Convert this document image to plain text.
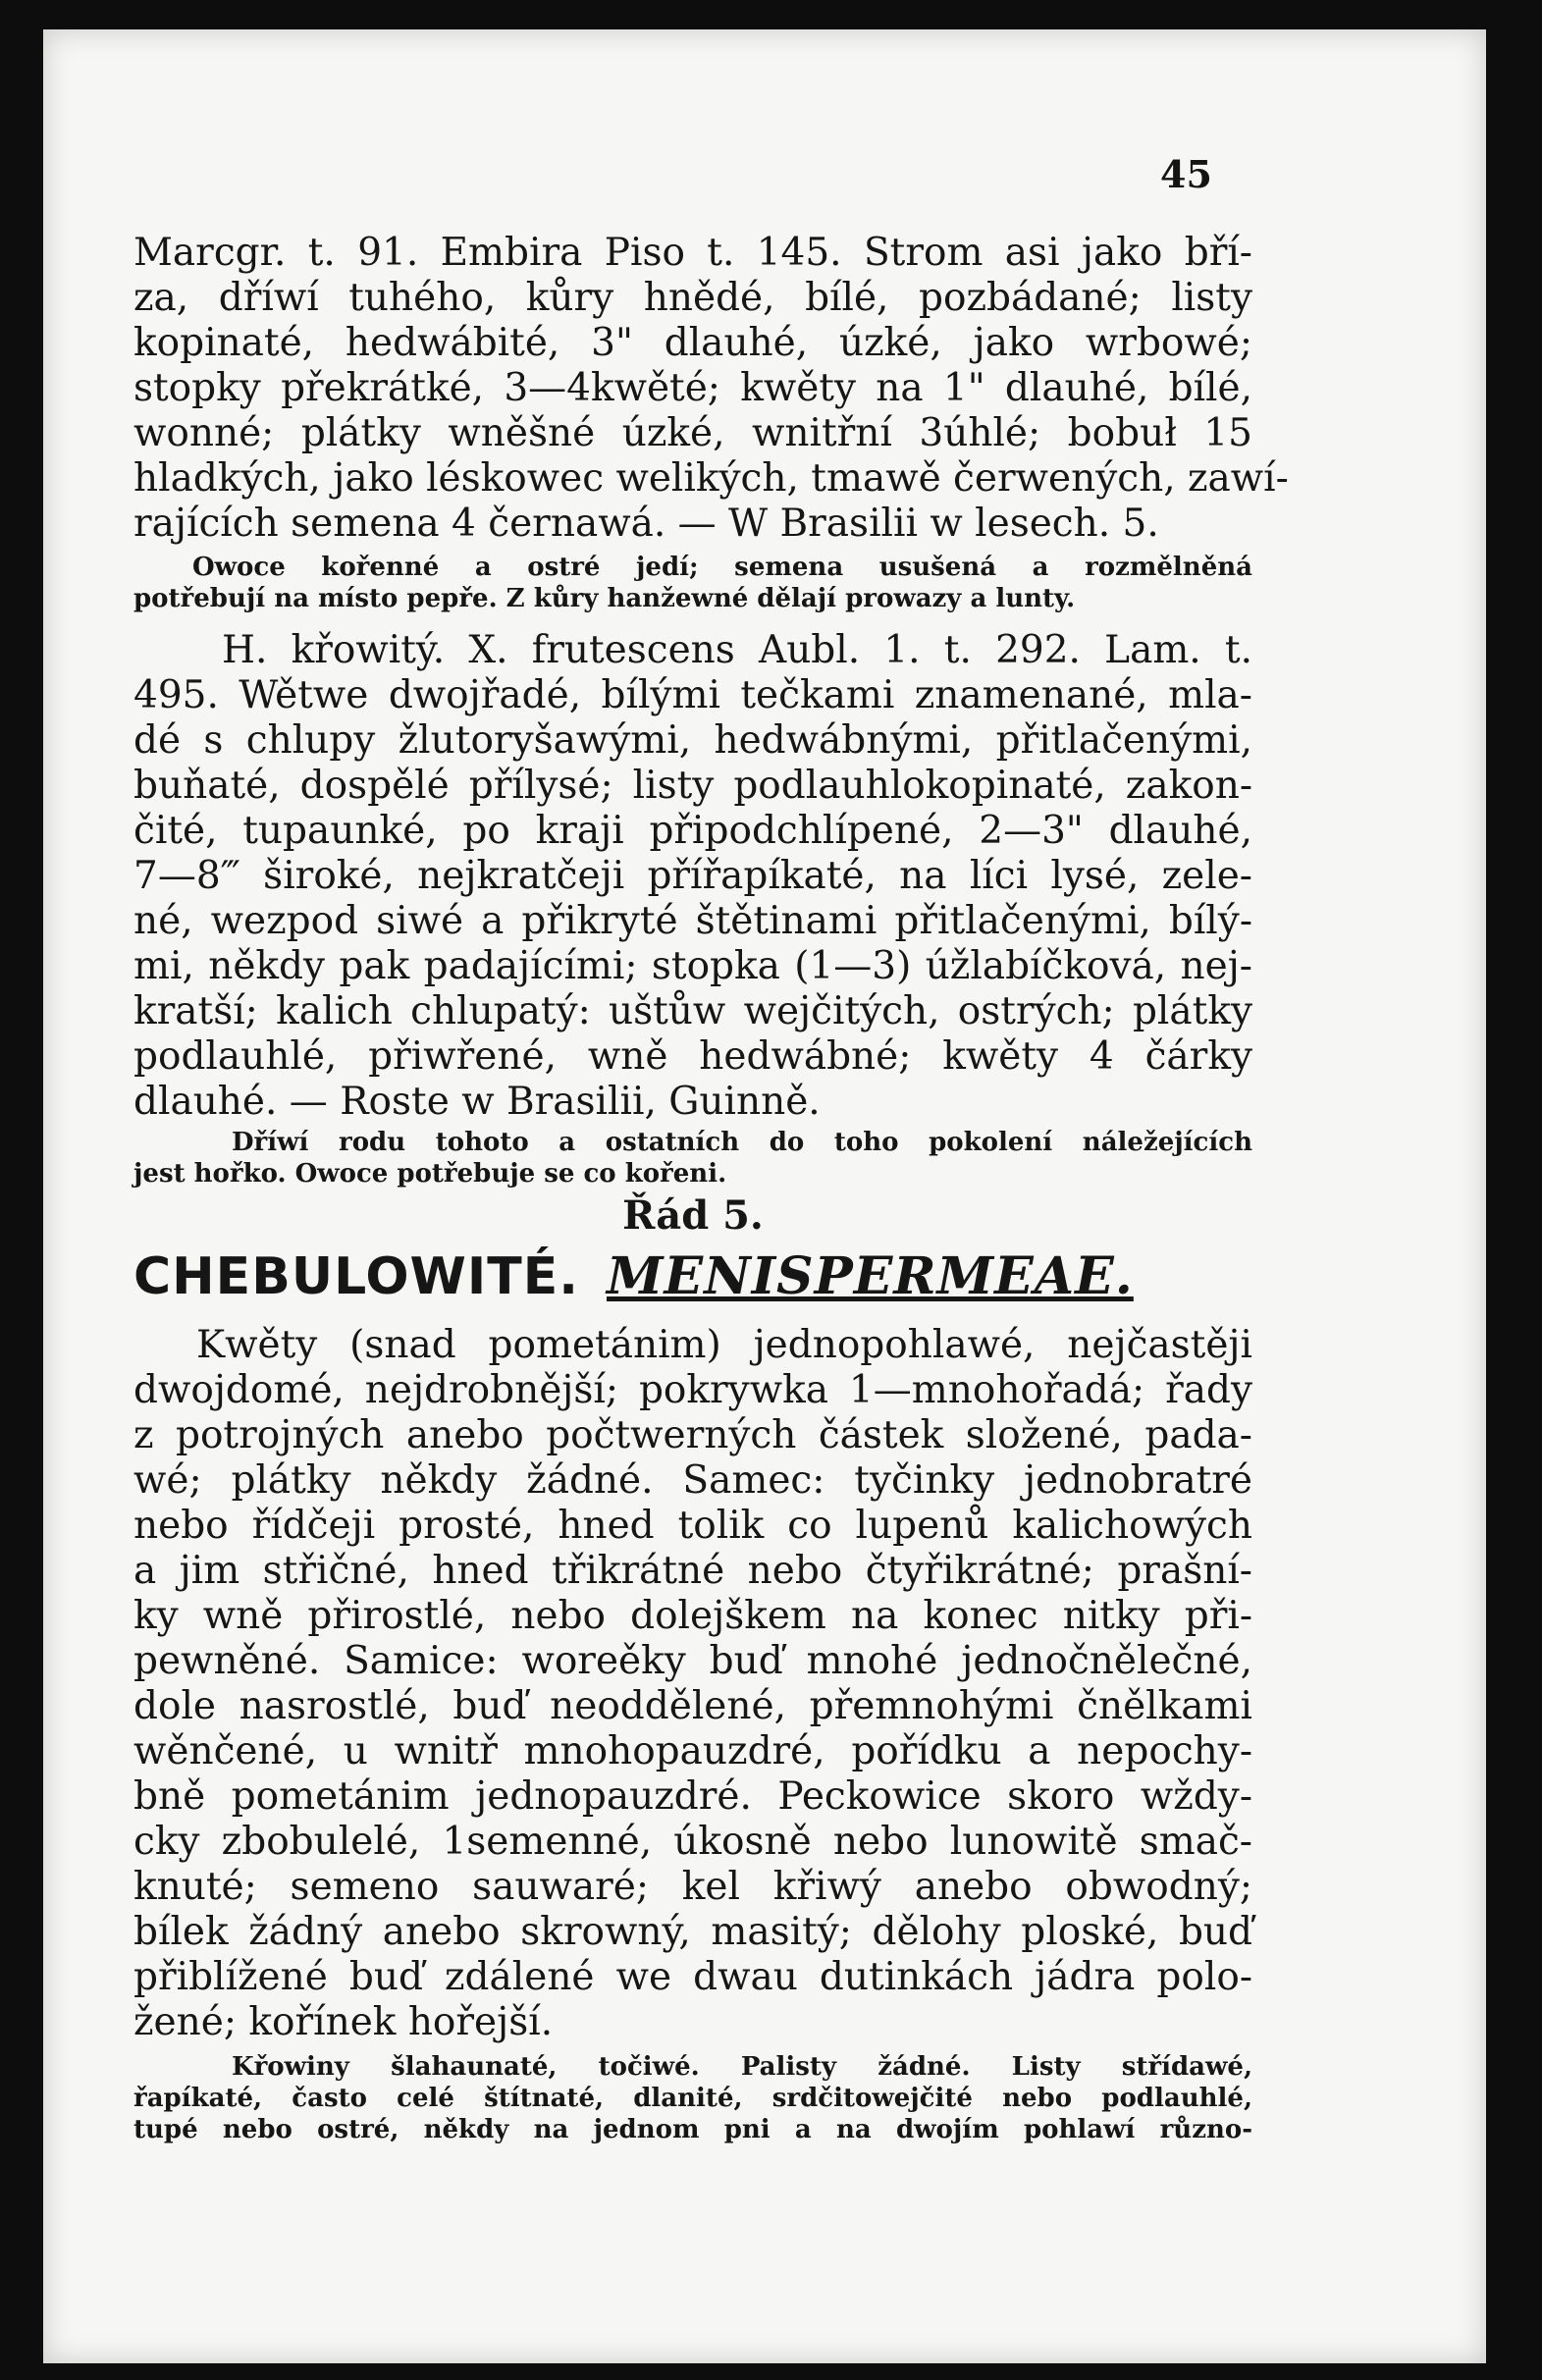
45
Marcgr. t. 91. Embira Piso t. 145. Strom asi jako bří-
za, dříwí tuhého, kůry hnědé, bílé, pozbádané; listy
kopinaté, hedwábité, 3" dlauhé, úzké, jako wrbowé;
stopky překrátké, 3—4kwěté; kwěty na 1" dlauhé, bílé,
wonné; plátky wněšné úzké, wnitřní 3úhlé; bobuł 15
hladkých, jako léskowec welikých, tmawě čerwených, zawí-
rajících semena 4 černawá. — W Brasilii w lesech. 5.
Owoce kořenné a ostré jedí; semena usušená a rozmělněná
potřebují na místo pepře. Z kůry hanžewné dělají prowazy a lunty.
H. křowitý. X. frutescens Aubl. 1. t. 292. Lam. t.
495. Wětwe dwojřadé, bílými tečkami znamenané, mla-
dé s chlupy žlutoryšawými, hedwábnými, přitlačenými,
buňaté, dospělé přílysé; listy podlauhlokopinaté, zakon-
čité, tupaunké, po kraji připodchlípené, 2—3" dlauhé,
7—8‴ široké, nejkratčeji přířapíkaté, na líci lysé, zele-
né, wezpod siwé a přikryté štětinami přitlačenými, bílý-
mi, někdy pak padajícími; stopka (1—3) úžlabíčková, nej-
kratší; kalich chlupatý: uštůw wejčitých, ostrých; plátky
podlauhlé, přiwřené, wně hedwábné; kwěty 4 čárky
dlauhé. — Roste w Brasilii, Guinně.
Dříwí rodu tohoto a ostatních do toho pokolení náležejících
jest hořko. Owoce potřebuje se co kořeni.
Řád 5.
CHEBULOWITÉ. MENISPERMEAE.
Kwěty (snad pometánim) jednopohlawé, nejčastěji
dwojdomé, nejdrobnější; pokrywka 1—mnohořadá; řady
z potrojných anebo počtwerných částek složené, pada-
wé; plátky někdy žádné. Samec: tyčinky jednobratré
nebo řídčeji prosté, hned tolik co lupenů kalichowých
a jim střičné, hned třikrátné nebo čtyřikrátné; prašní-
ky wně přirostlé, nebo dolejškem na konec nitky při-
pewněné. Samice: woreěky buď mnohé jednočnělečné,
dole nasrostlé, buď neoddělené, přemnohými čnělkami
wěnčené, u wnitř mnohopauzdré, pořídku a nepochy-
bně pometánim jednopauzdré. Peckowice skoro wždy-
cky zbobulelé, 1semenné, úkosně nebo lunowitě smač-
knuté; semeno sauwaré; kel křiwý anebo obwodný;
bílek žádný anebo skrowný, masitý; dělohy ploské, buď
přiblížené buď zdálené we dwau dutinkách jádra polo-
žené; kořínek hořejší.
Křowiny šlahaunaté, točiwé. Palisty žádné. Listy střídawé,
řapíkaté, často celé štítnaté, dlanité, srdčitowejčité nebo podlauhlé,
tupé nebo ostré, někdy na jednom pni a na dwojím pohlawí různo-
